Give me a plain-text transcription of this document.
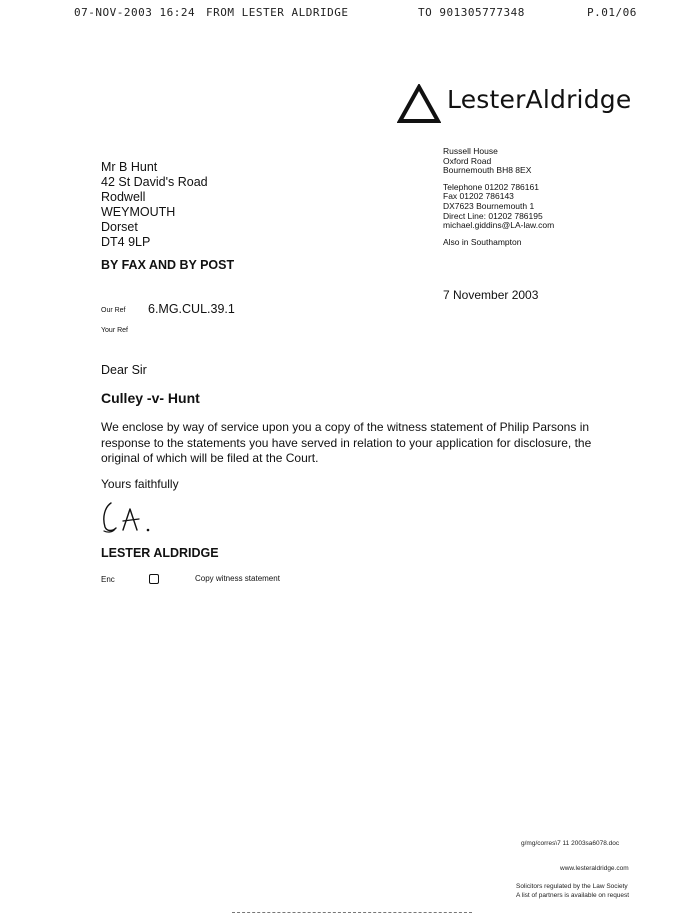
07-NOV-2003 16:24 FROM LESTER ALDRIDGE	TO 901305777348	P.01/06
LesterAldridge
Mr B Hunt
42 St David's Road
Rodwell
WEYMOUTH
Dorset
DT4 9LP
Russell House
Oxford Road
Bournemouth BH8 8EX
Telephone 01202 786161
Fax 01202 786143
DX7623 Bournemouth 1
Direct Line: 01202 786195
michael.giddins@LA-law.com
Also in Southampton
BY FAX AND BY POST
7 November 2003
Our Ref 6.MG.CUL.39.1
Your Ref
Dear Sir
Culley -v- Hunt
We enclose by way of service upon you a copy of the witness statement of Philip Parsons in
response to the statements you have served in relation to your application for disclosure, the
original of which will be filed at the Court.
Yours faithfully
LESTER ALDRIDGE
Enc	Copy witness statement
g/mg/corres\7 11 2003sa6078.doc
www.lesteraldridge.com
Solicitors regulated by the Law Society
A list of partners is available on request
